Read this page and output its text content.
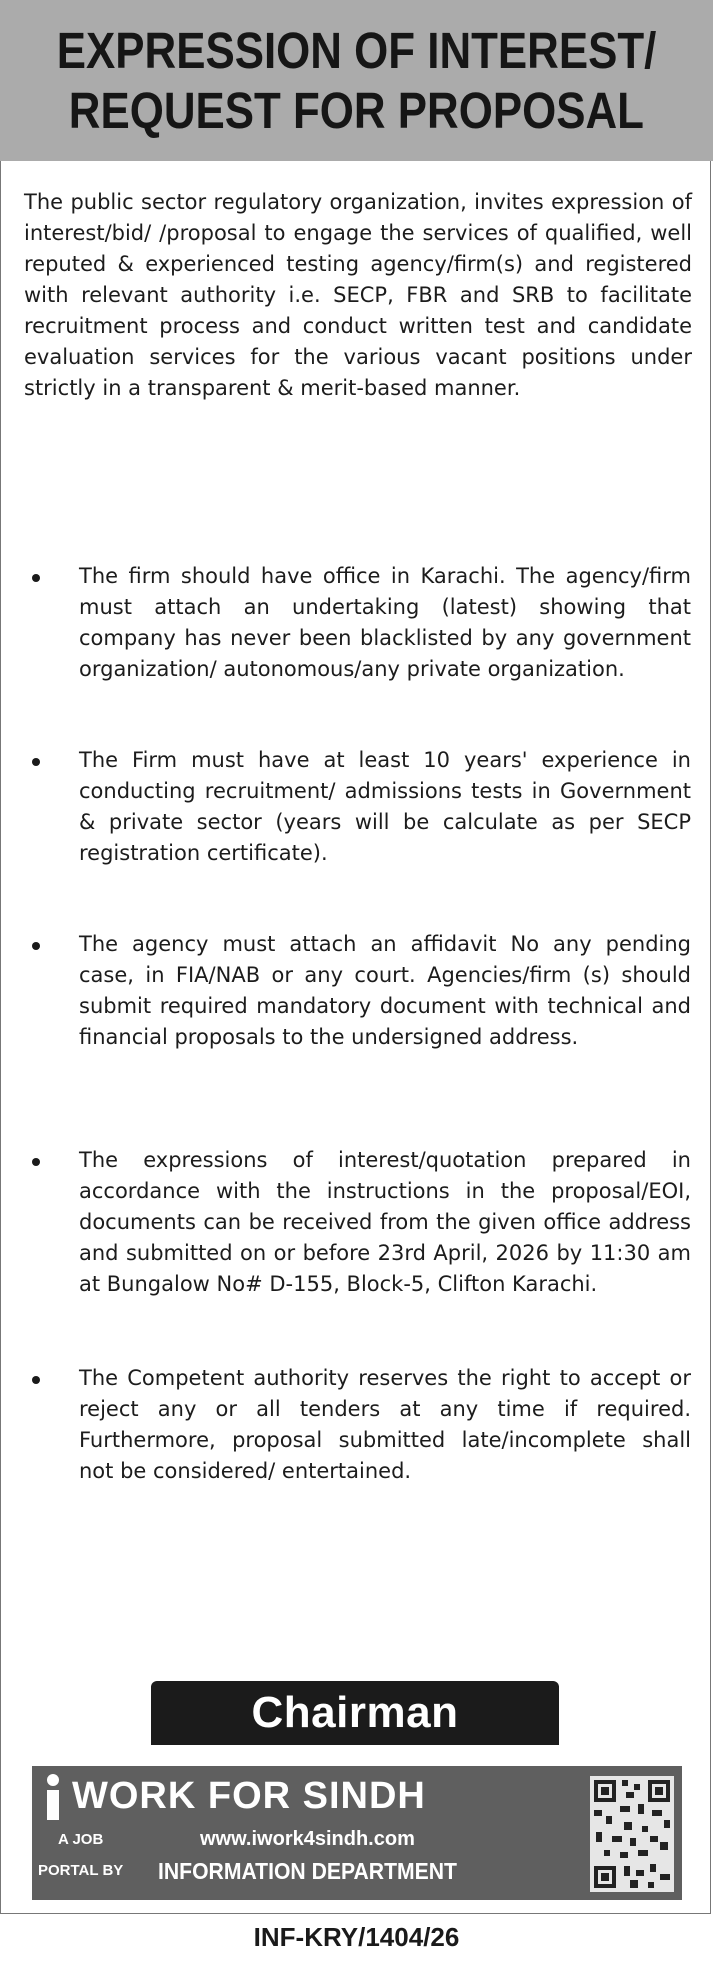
EXPRESSION OF INTEREST/
REQUEST FOR PROPOSAL
The public sector regulatory organization, invites expression of interest/bid/ /proposal to engage the services of qualified, well reputed & experienced testing agency/firm(s) and registered with relevant authority i.e. SECP, FBR and SRB to facilitate recruitment process and conduct written test and candidate evaluation services for the various vacant positions under strictly in a transparent & merit-based manner.
The firm should have office in Karachi. The agency/firm must attach an undertaking (latest) showing that company has never been blacklisted by any government organization/ autonomous/any private organization.
The Firm must have at least 10 years' experience in conducting recruitment/ admissions tests in Government & private sector (years will be calculate as per SECP registration certificate).
The agency must attach an affidavit No any pending case, in FIA/NAB or any court. Agencies/firm (s) should submit required mandatory document with technical and financial proposals to the undersigned address.
The expressions of interest/quotation prepared in accordance with the instructions in the proposal/EOI, documents can be received from the given office address and submitted on or before 23rd April, 2026 by 11:30 am at Bungalow No# D-155, Block-5, Clifton Karachi.
The Competent authority reserves the right to accept or reject any or all tenders at any time if required. Furthermore, proposal submitted late/incomplete shall not be considered/ entertained.
Chairman
WORK FOR SINDH
A JOB
PORTAL BY
www.iwork4sindh.com
INFORMATION DEPARTMENT
INF-KRY/1404/26
